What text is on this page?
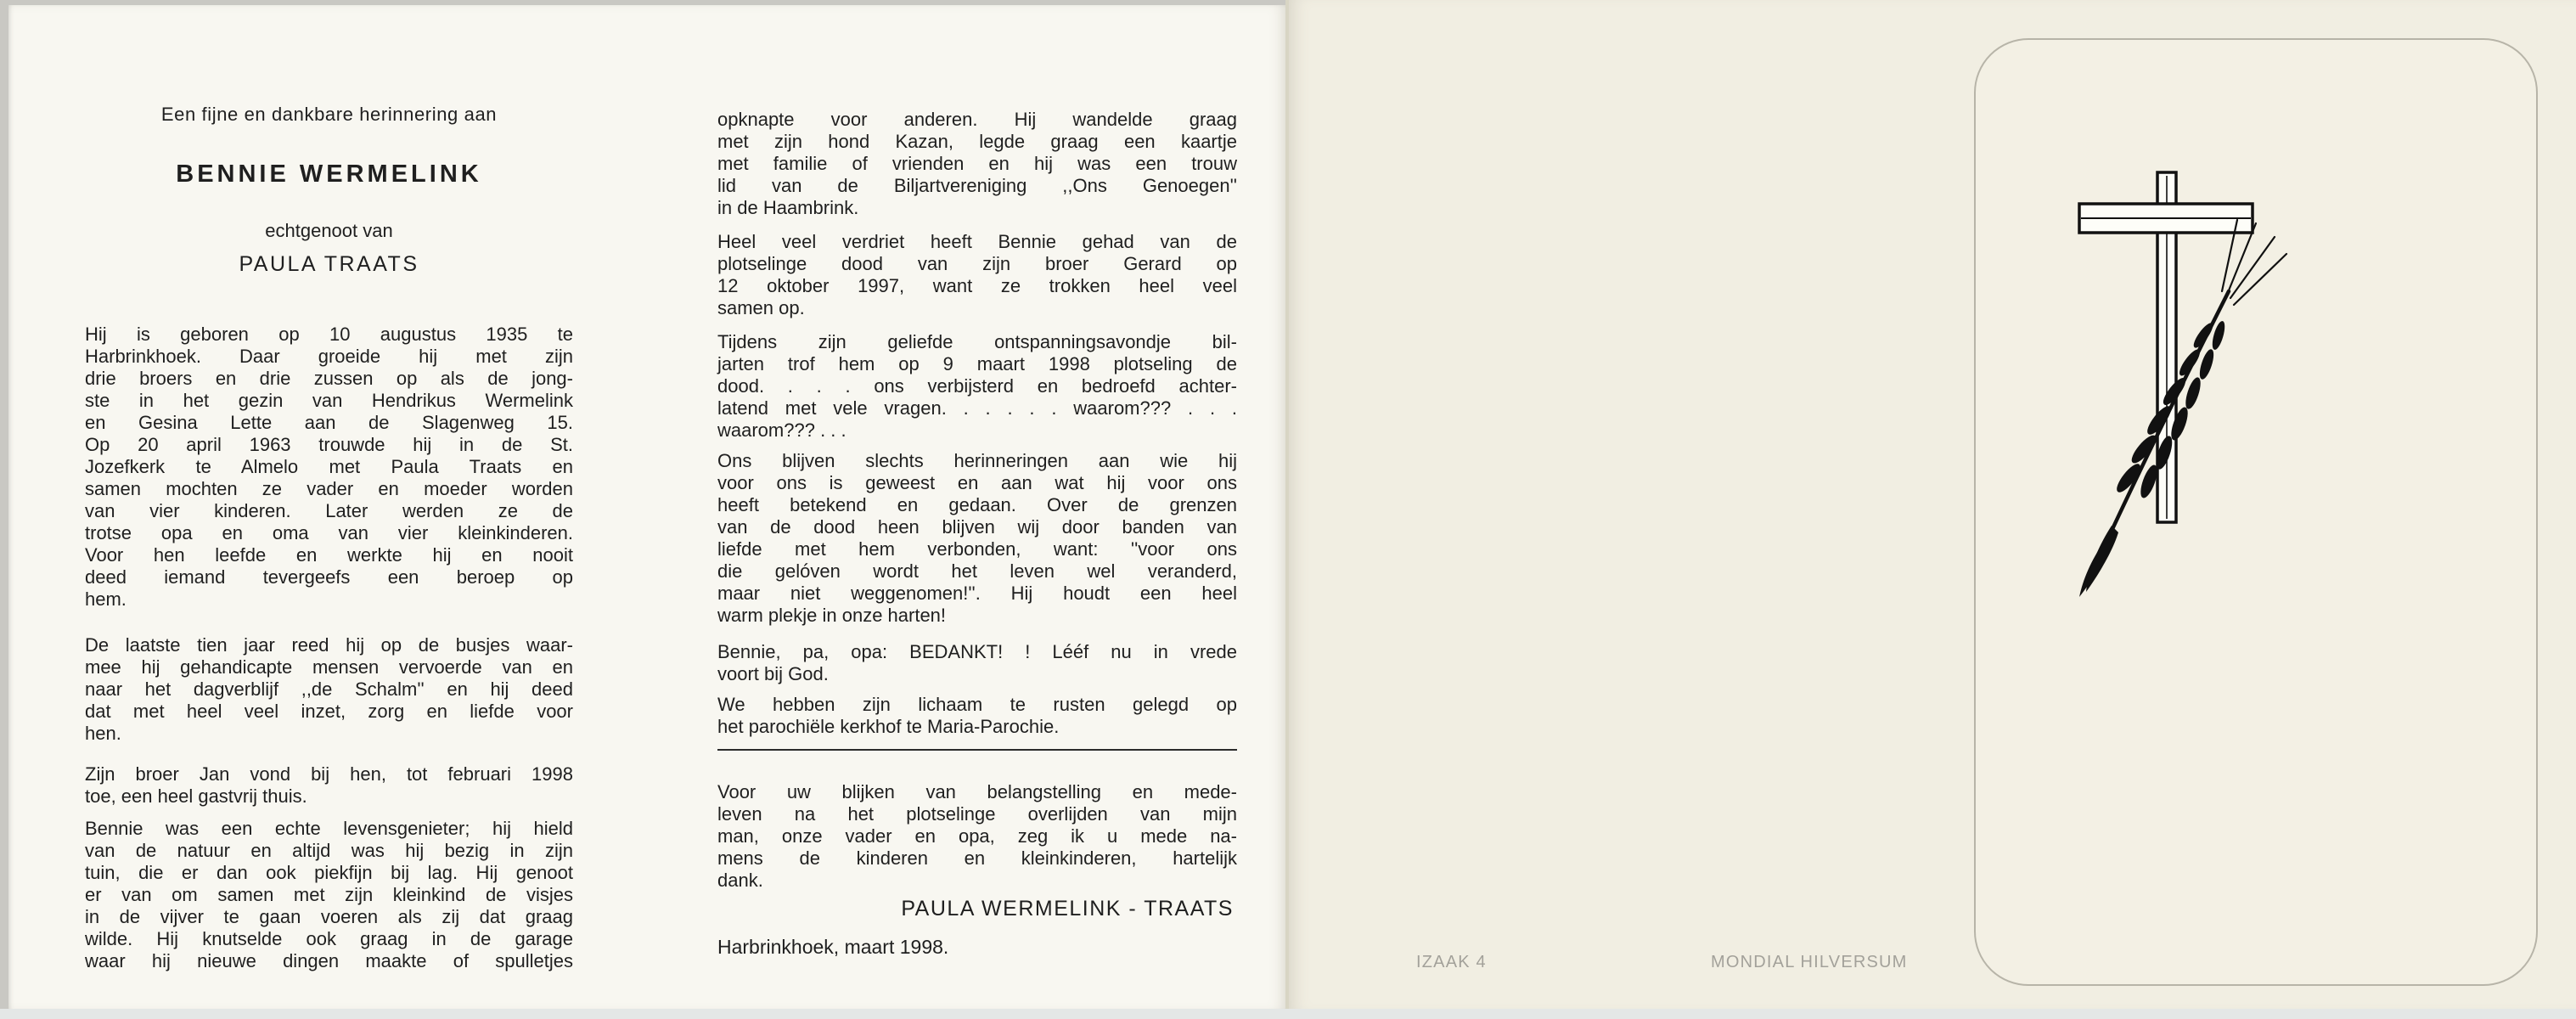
Een fijne en dankbare herinnering aan
BENNIE WERMELINK
echtgenoot van
PAULA TRAATS
Hij is geboren op 10 augustus 1935 te
Harbrinkhoek. Daar groeide hij met zijn
drie broers en drie zussen op als de jong-
ste in het gezin van Hendrikus Wermelink
en Gesina Lette aan de Slagenweg 15.
Op 20 april 1963 trouwde hij in de St.
Jozefkerk te Almelo met Paula Traats en
samen mochten ze vader en moeder worden
van vier kinderen. Later werden ze de
trotse opa en oma van vier kleinkinderen.
Voor hen leefde en werkte hij en nooit
deed iemand tevergeefs een beroep op
hem.
De laatste tien jaar reed hij op de busjes waar-
mee hij gehandicapte mensen vervoerde van en
naar het dagverblijf ,,de Schalm'' en hij deed
dat met heel veel inzet, zorg en liefde voor
hen.
Zijn broer Jan vond bij hen, tot februari 1998
toe, een heel gastvrij thuis.
Bennie was een echte levensgenieter; hij hield
van de natuur en altijd was hij bezig in zijn
tuin, die er dan ook piekfijn bij lag. Hij genoot
er van om samen met zijn kleinkind de visjes
in de vijver te gaan voeren als zij dat graag
wilde. Hij knutselde ook graag in de garage
waar hij nieuwe dingen maakte of spulletjes
opknapte voor anderen. Hij wandelde graag
met zijn hond Kazan, legde graag een kaartje
met familie of vrienden en hij was een trouw
lid van de Biljartvereniging ,,Ons Genoegen''
in de Haambrink.
Heel veel verdriet heeft Bennie gehad van de
plotselinge dood van zijn broer Gerard op
12 oktober 1997, want ze trokken heel veel
samen op.
Tijdens zijn geliefde ontspanningsavondje bil-
jarten trof hem op 9 maart 1998 plotseling de
dood. . . . ons verbijsterd en bedroefd achter-
latend met vele vragen. . . . . . waarom??? . . .
waarom??? . . .
Ons blijven slechts herinneringen aan wie hij
voor ons is geweest en aan wat hij voor ons
heeft betekend en gedaan. Over de grenzen
van de dood heen blijven wij door banden van
liefde met hem verbonden, want: ''voor ons
die gelóven wordt het leven wel veranderd,
maar niet weggenomen!''. Hij houdt een heel
warm plekje in onze harten!
Bennie, pa, opa: BEDANKT! ! Lééf nu in vrede
voort bij God.
We hebben zijn lichaam te rusten gelegd op
het parochiële kerkhof te Maria-Parochie.
Voor uw blijken van belangstelling en mede-
leven na het plotselinge overlijden van mijn
man, onze vader en opa, zeg ik u mede na-
mens de kinderen en kleinkinderen, hartelijk
dank.
PAULA WERMELINK - TRAATS
Harbrinkhoek, maart 1998.
IZAAK 4	MONDIAL HILVERSUM
